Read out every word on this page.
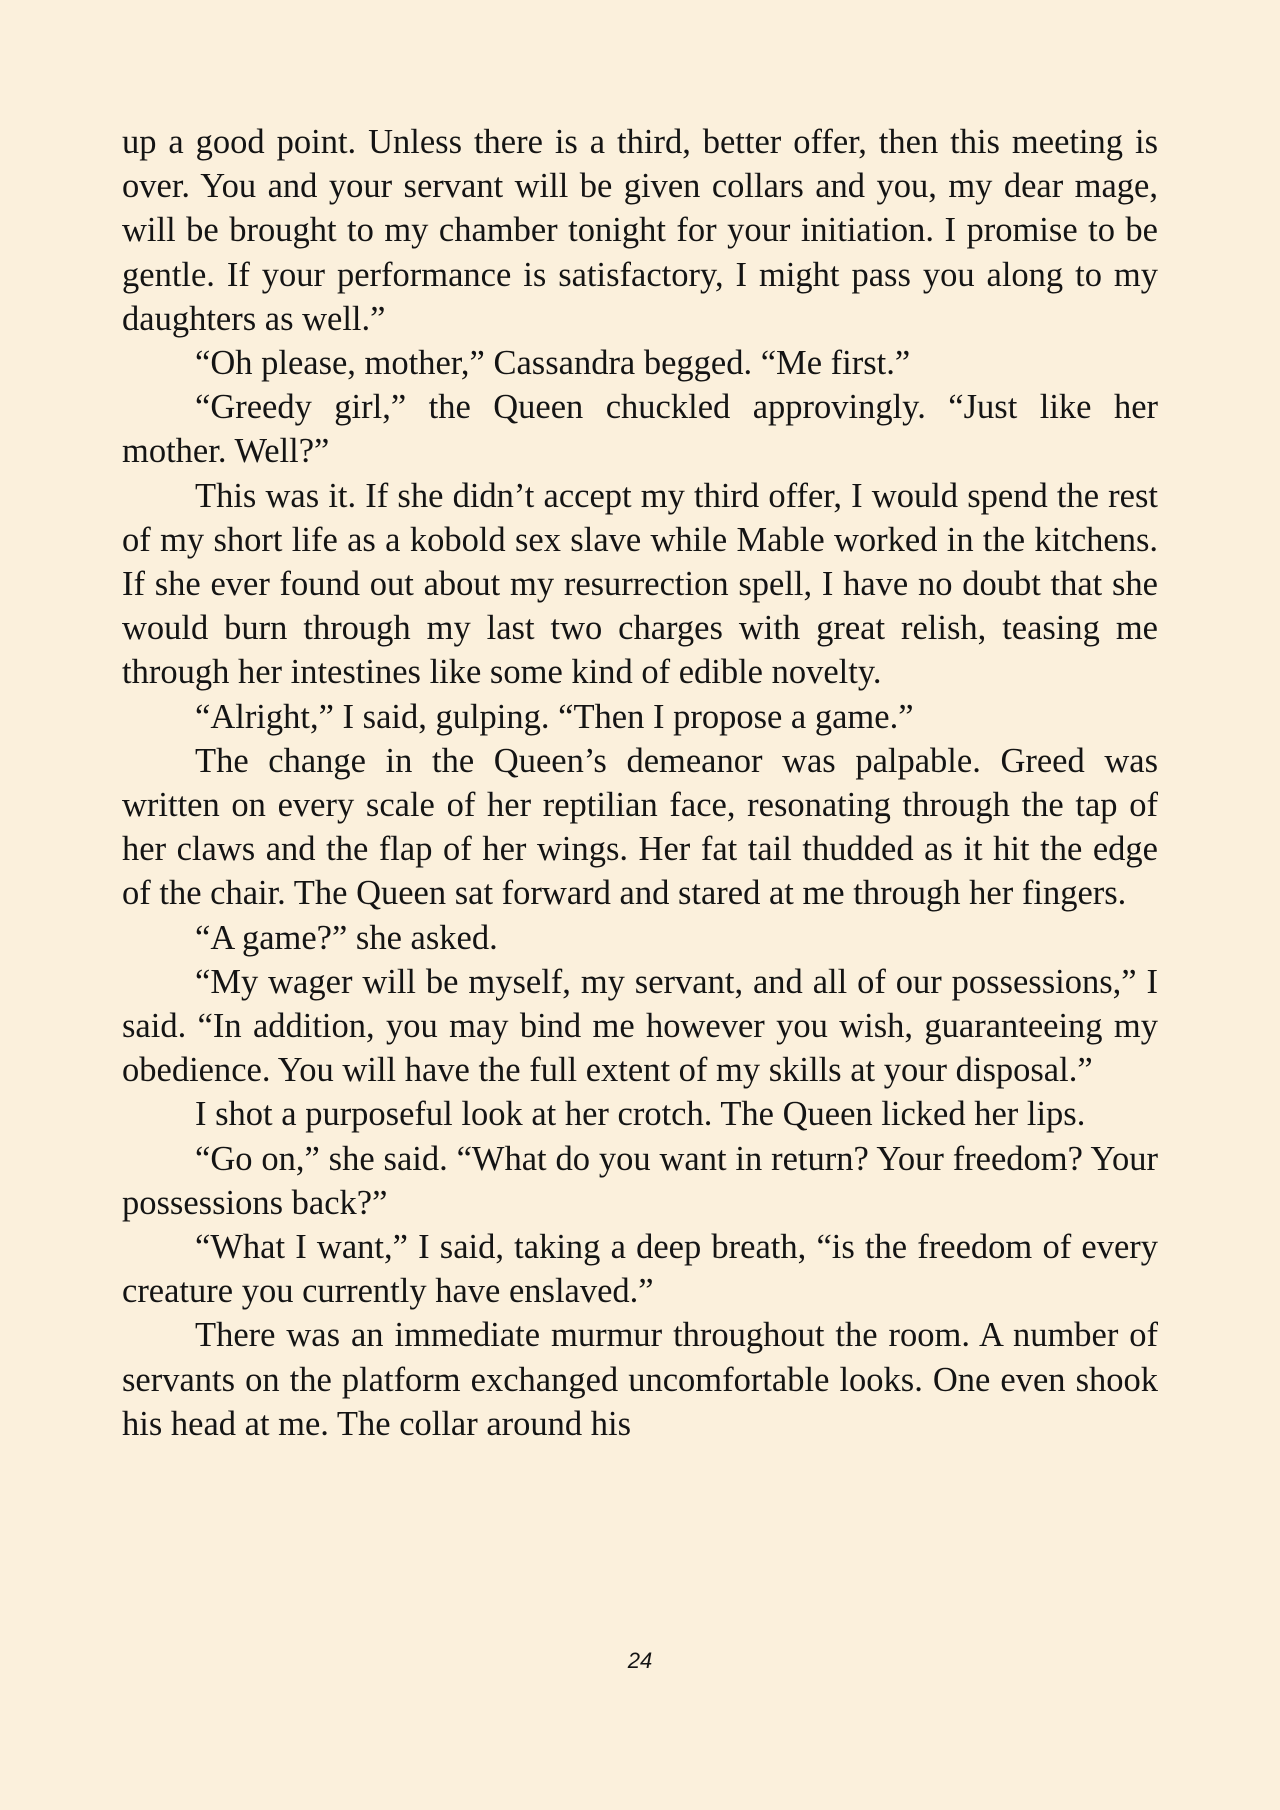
up a good point. Unless there is a third, better offer, then this meeting is over. You and your servant will be given collars and you, my dear mage, will be brought to my chamber tonight for your initiation. I promise to be gentle. If your performance is satisfactory, I might pass you along to my daughters as well.”

“Oh please, mother,” Cassandra begged. “Me first.”

“Greedy girl,” the Queen chuckled approvingly. “Just like her mother. Well?”

This was it. If she didn’t accept my third offer, I would spend the rest of my short life as a kobold sex slave while Mable worked in the kitchens. If she ever found out about my resurrection spell, I have no doubt that she would burn through my last two charges with great relish, teasing me through her intestines like some kind of edible novelty.

“Alright,” I said, gulping. “Then I propose a game.”

The change in the Queen’s demeanor was palpable. Greed was written on every scale of her reptilian face, resonating through the tap of her claws and the flap of her wings. Her fat tail thudded as it hit the edge of the chair. The Queen sat forward and stared at me through her fingers.

“A game?” she asked.

“My wager will be myself, my servant, and all of our possessions,” I said. “In addition, you may bind me however you wish, guaranteeing my obedience. You will have the full extent of my skills at your disposal.”

I shot a purposeful look at her crotch. The Queen licked her lips.

“Go on,” she said. “What do you want in return? Your freedom? Your possessions back?”

“What I want,” I said, taking a deep breath, “is the freedom of every creature you currently have enslaved.”

There was an immediate murmur throughout the room. A number of servants on the platform exchanged uncomfortable looks. One even shook his head at me. The collar around his

24
